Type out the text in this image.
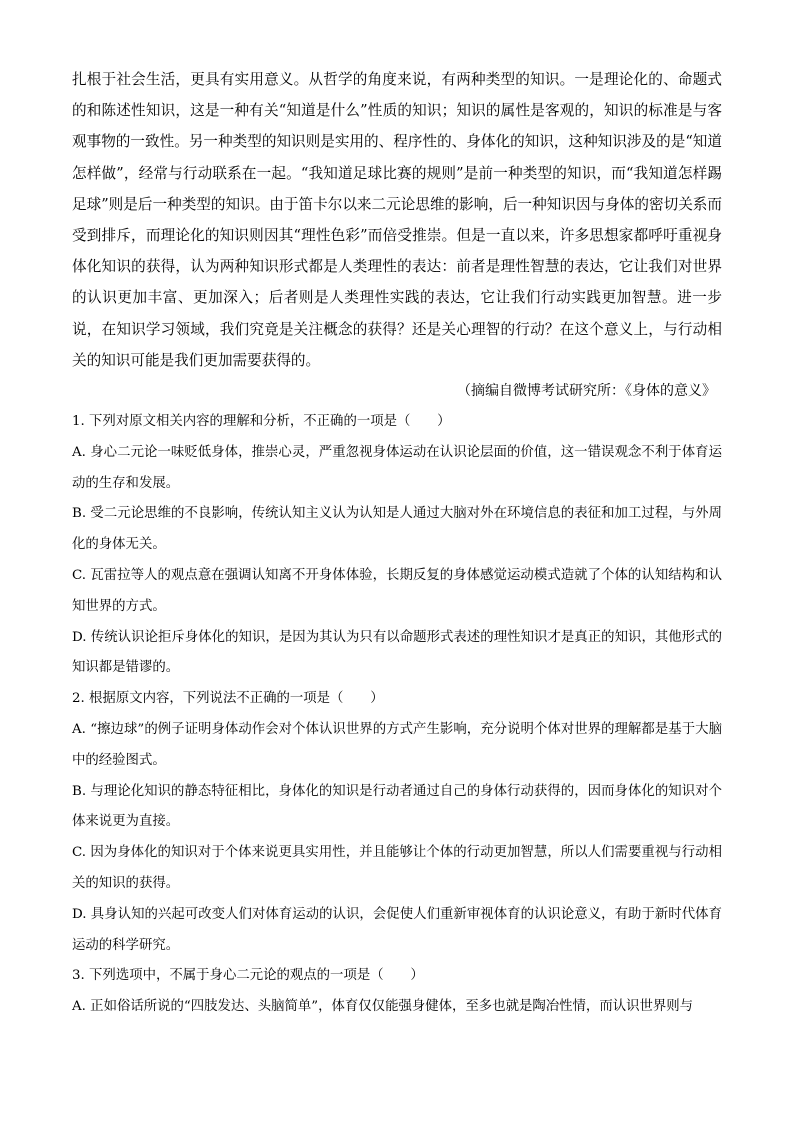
扎根于社会生活，更具有实用意义。从哲学的角度来说，有两种类型的知识。一是理论化的、命题式的和陈述性知识，这是一种有关“知道是什么”性质的知识；知识的属性是客观的，知识的标准是与客观事物的一致性。另一种类型的知识则是实用的、程序性的、身体化的知识，这种知识涉及的是“知道怎样做”，经常与行动联系在一起。“我知道足球比赛的规则”是前一种类型的知识，而“我知道怎样踢足球”则是后一种类型的知识。由于笛卡尔以来二元论思维的影响，后一种知识因与身体的密切关系而受到排斥，而理论化的知识则因其“理性色彩”而倍受推崇。但是一直以来，许多思想家都呼吁重视身体化知识的获得，认为两种知识形式都是人类理性的表达：前者是理性智慧的表达，它让我们对世界的认识更加丰富、更加深入；后者则是人类理性实践的表达，它让我们行动实践更加智慧。进一步说，在知识学习领域，我们究竟是关注概念的获得？还是关心理智的行动？在这个意义上，与行动相关的知识可能是我们更加需要获得的。

（摘编自微博考试研究所：《身体的意义》

1. 下列对原文相关内容的理解和分析，不正确的一项是（　　）

A. 身心二元论一味贬低身体，推崇心灵，严重忽视身体运动在认识论层面的价值，这一错误观念不利于体育运动的生存和发展。

B. 受二元论思维的不良影响，传统认知主义认为认知是人通过大脑对外在环境信息的表征和加工过程，与外周化的身体无关。

C. 瓦雷拉等人的观点意在强调认知离不开身体体验，长期反复的身体感觉运动模式造就了个体的认知结构和认知世界的方式。

D. 传统认识论拒斥身体化的知识，是因为其认为只有以命题形式表述的理性知识才是真正的知识，其他形式的知识都是错谬的。

2. 根据原文内容，下列说法不正确的一项是（　　）

A. “擦边球”的例子证明身体动作会对个体认识世界的方式产生影响，充分说明个体对世界的理解都是基于大脑中的经验图式。

B. 与理论化知识的静态特征相比，身体化的知识是行动者通过自己的身体行动获得的，因而身体化的知识对个体来说更为直接。

C. 因为身体化的知识对于个体来说更具实用性，并且能够让个体的行动更加智慧，所以人们需要重视与行动相关的知识的获得。

D. 具身认知的兴起可改变人们对体育运动的认识，会促使人们重新审视体育的认识论意义，有助于新时代体育运动的科学研究。

3. 下列选项中，不属于身心二元论的观点的一项是（　　）

A. 正如俗话所说的“四肢发达、头脑简单”，体育仅仅能强身健体，至多也就是陶冶性情，而认识世界则与
